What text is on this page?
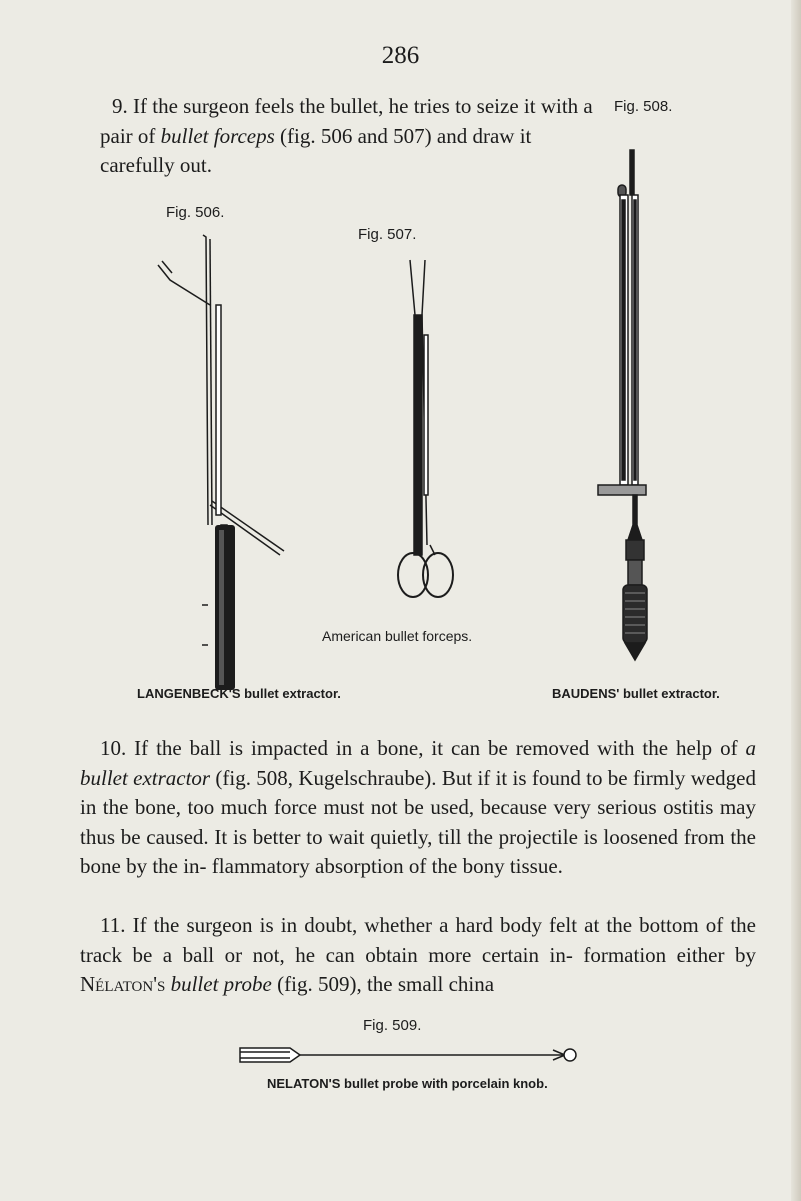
286

9. If the surgeon feels the bullet, he tries to seize it with a pair of bullet forceps (fig. 506 and 507) and draw it carefully out.

Fig. 508.
Fig. 506.
Fig. 507.
American bullet forceps.
LANGENBECK'S bullet extractor.	BAUDENS' bullet extractor.

10. If the ball is impacted in a bone, it can be removed with the help of a bullet extractor (fig. 508, Kugelschraube). But if it is found to be firmly wedged in the bone, too much force must not be used, because very serious ostitis may thus be caused. It is better to wait quietly, till the projectile is loosened from the bone by the in- flammatory absorption of the bony tissue.

11. If the surgeon is in doubt, whether a hard body felt at the bottom of the track be a ball or not, he can obtain more certain in- formation either by Nélaton's bullet probe (fig. 509), the small china

Fig. 509.
NELATON'S bullet probe with porcelain knob.
